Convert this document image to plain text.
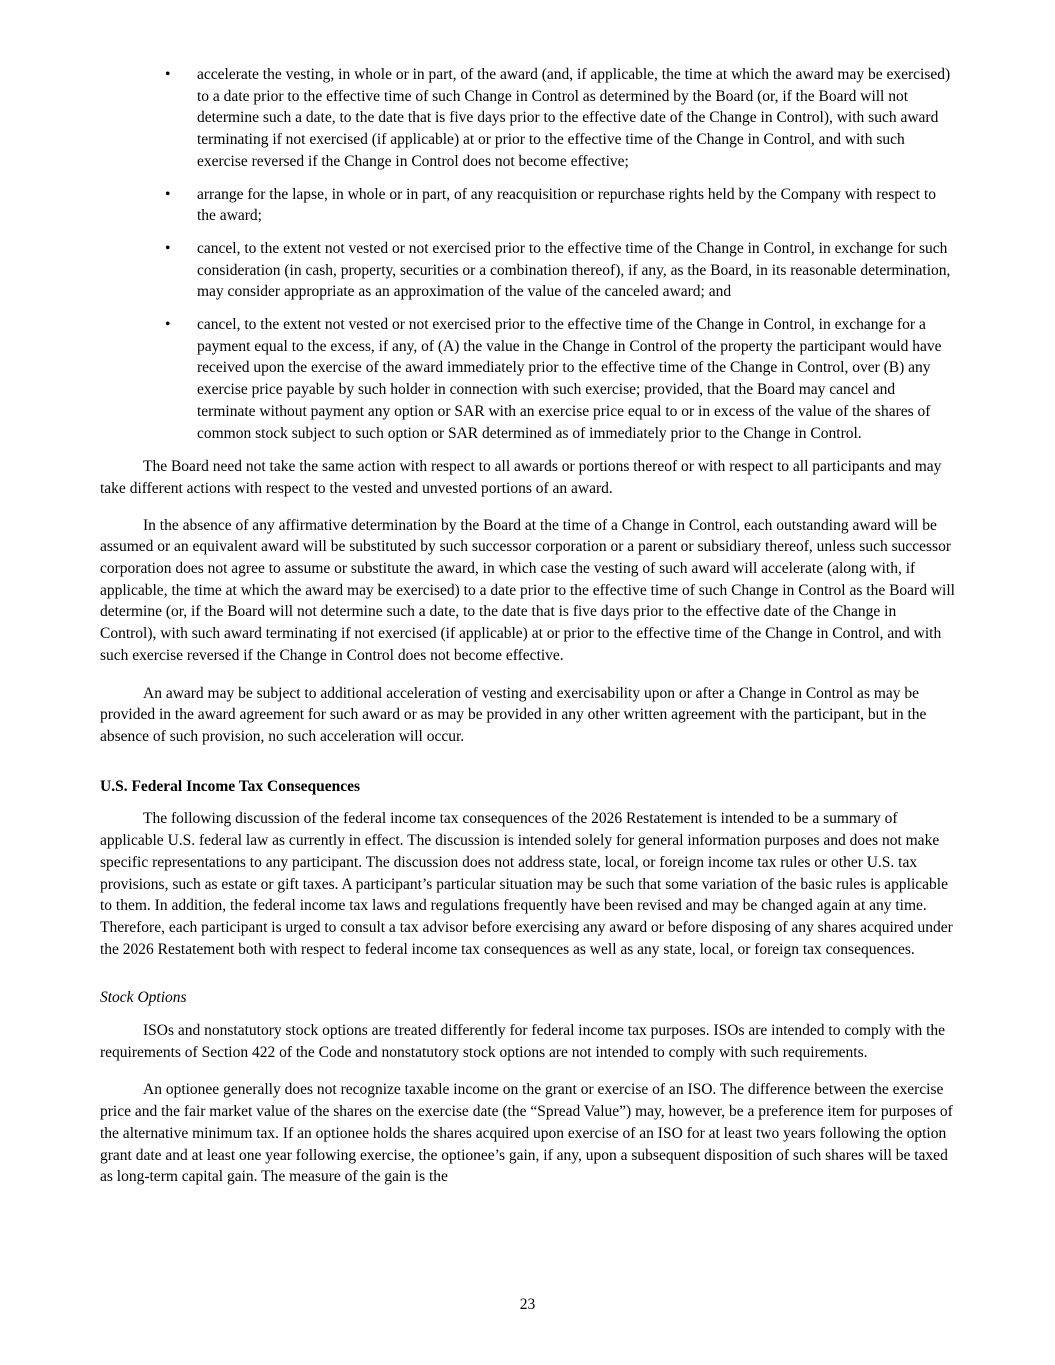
• accelerate the vesting, in whole or in part, of the award (and, if applicable, the time at which the award may be exercised) to a date prior to the effective time of such Change in Control as determined by the Board (or, if the Board will not determine such a date, to the date that is five days prior to the effective date of the Change in Control), with such award terminating if not exercised (if applicable) at or prior to the effective time of the Change in Control, and with such exercise reversed if the Change in Control does not become effective;
• arrange for the lapse, in whole or in part, of any reacquisition or repurchase rights held by the Company with respect to the award;
• cancel, to the extent not vested or not exercised prior to the effective time of the Change in Control, in exchange for such consideration (in cash, property, securities or a combination thereof), if any, as the Board, in its reasonable determination, may consider appropriate as an approximation of the value of the canceled award; and
• cancel, to the extent not vested or not exercised prior to the effective time of the Change in Control, in exchange for a payment equal to the excess, if any, of (A) the value in the Change in Control of the property the participant would have received upon the exercise of the award immediately prior to the effective time of the Change in Control, over (B) any exercise price payable by such holder in connection with such exercise; provided, that the Board may cancel and terminate without payment any option or SAR with an exercise price equal to or in excess of the value of the shares of common stock subject to such option or SAR determined as of immediately prior to the Change in Control.

The Board need not take the same action with respect to all awards or portions thereof or with respect to all participants and may take different actions with respect to the vested and unvested portions of an award.

In the absence of any affirmative determination by the Board at the time of a Change in Control, each outstanding award will be assumed or an equivalent award will be substituted by such successor corporation or a parent or subsidiary thereof, unless such successor corporation does not agree to assume or substitute the award, in which case the vesting of such award will accelerate (along with, if applicable, the time at which the award may be exercised) to a date prior to the effective time of such Change in Control as the Board will determine (or, if the Board will not determine such a date, to the date that is five days prior to the effective date of the Change in Control), with such award terminating if not exercised (if applicable) at or prior to the effective time of the Change in Control, and with such exercise reversed if the Change in Control does not become effective.

An award may be subject to additional acceleration of vesting and exercisability upon or after a Change in Control as may be provided in the award agreement for such award or as may be provided in any other written agreement with the participant, but in the absence of such provision, no such acceleration will occur.

U.S. Federal Income Tax Consequences

The following discussion of the federal income tax consequences of the 2026 Restatement is intended to be a summary of applicable U.S. federal law as currently in effect. The discussion is intended solely for general information purposes and does not make specific representations to any participant. The discussion does not address state, local, or foreign income tax rules or other U.S. tax provisions, such as estate or gift taxes. A participant’s particular situation may be such that some variation of the basic rules is applicable to them. In addition, the federal income tax laws and regulations frequently have been revised and may be changed again at any time. Therefore, each participant is urged to consult a tax advisor before exercising any award or before disposing of any shares acquired under the 2026 Restatement both with respect to federal income tax consequences as well as any state, local, or foreign tax consequences.

Stock Options

ISOs and nonstatutory stock options are treated differently for federal income tax purposes. ISOs are intended to comply with the requirements of Section 422 of the Code and nonstatutory stock options are not intended to comply with such requirements.

An optionee generally does not recognize taxable income on the grant or exercise of an ISO. The difference between the exercise price and the fair market value of the shares on the exercise date (the “Spread Value”) may, however, be a preference item for purposes of the alternative minimum tax. If an optionee holds the shares acquired upon exercise of an ISO for at least two years following the option grant date and at least one year following exercise, the optionee’s gain, if any, upon a subsequent disposition of such shares will be taxed as long-term capital gain. The measure of the gain is the

23
